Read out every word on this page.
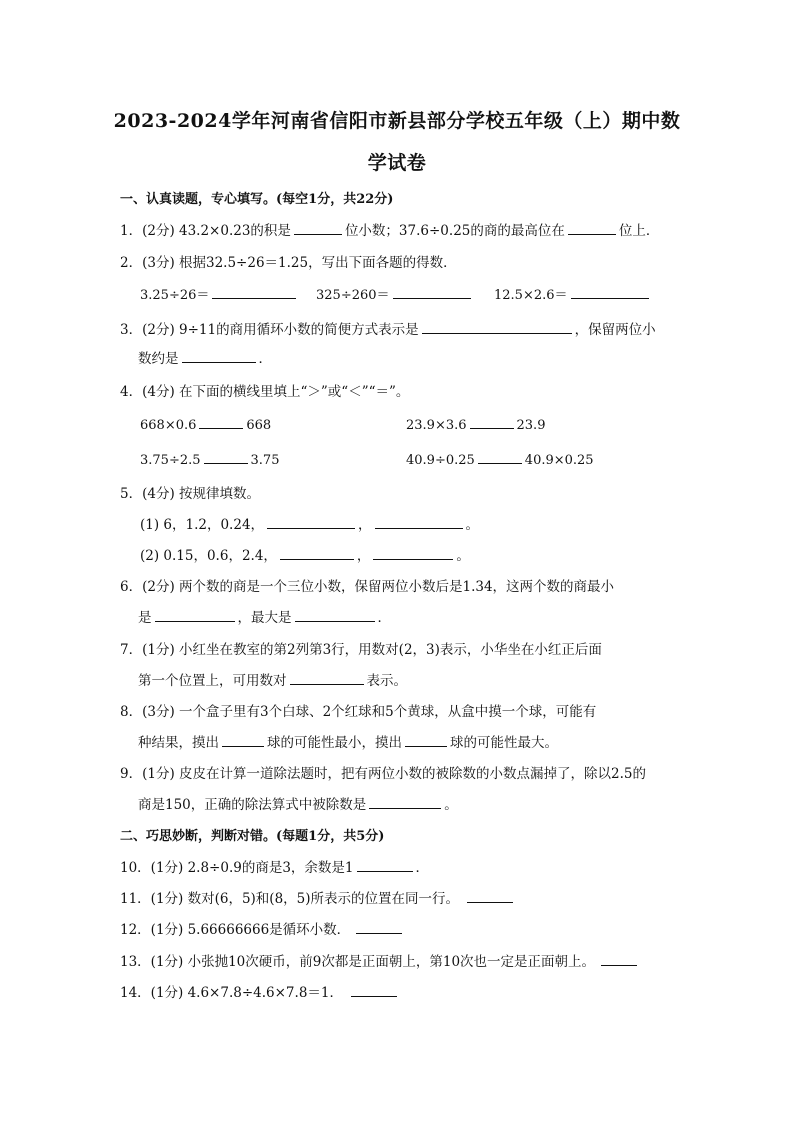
2023-2024学年河南省信阳市新县部分学校五年级（上）期中数
学试卷
一、认真读题，专心填写。(每空1分，共22分)
1．(2分) 43.2×0.23的积是	位小数；37.6÷0.25的商的最高位在	位上．
2．(3分) 根据32.5÷26＝1.25，写出下面各题的得数．
3.25÷26＝	325÷260＝	12.5×2.6＝
3．(2分) 9÷11的商用循环小数的简便方式表示是	，保留两位小
数约是	．
4．(4分) 在下面的横线里填上“＞”或“＜”“＝”。
668×0.6	668	23.9×3.6	23.9
3.75÷2.5	3.75	40.9÷0.25	40.9×0.25
5．(4分) 按规律填数。
(1) 6，1.2，0.24，	，	。
(2) 0.15，0.6，2.4，	，	。
6．(2分) 两个数的商是一个三位小数，保留两位小数后是1.34，这两个数的商最小
是	，最大是	．
7．(1分) 小红坐在教室的第2列第3行，用数对(2，3)表示，小华坐在小红正后面
第一个位置上，可用数对	表示。
8．(3分) 一个盒子里有3个白球、2个红球和5个黄球，从盒中摸一个球，可能有
种结果，摸出	球的可能性最小，摸出	球的可能性最大。
9．(1分) 皮皮在计算一道除法题时，把有两位小数的被除数的小数点漏掉了，除以2.5的
商是150，正确的除法算式中被除数是	。
二、巧思妙断，判断对错。(每题1分，共5分)
10．(1分) 2.8÷0.9的商是3，余数是1	．
11．(1分) 数对(6，5)和(8，5)所表示的位置在同一行。
12．(1分) 5.66666666是循环小数．
13．(1分) 小张抛10次硬币，前9次都是正面朝上，第10次也一定是正面朝上。
14．(1分) 4.6×7.8÷4.6×7.8＝1．
